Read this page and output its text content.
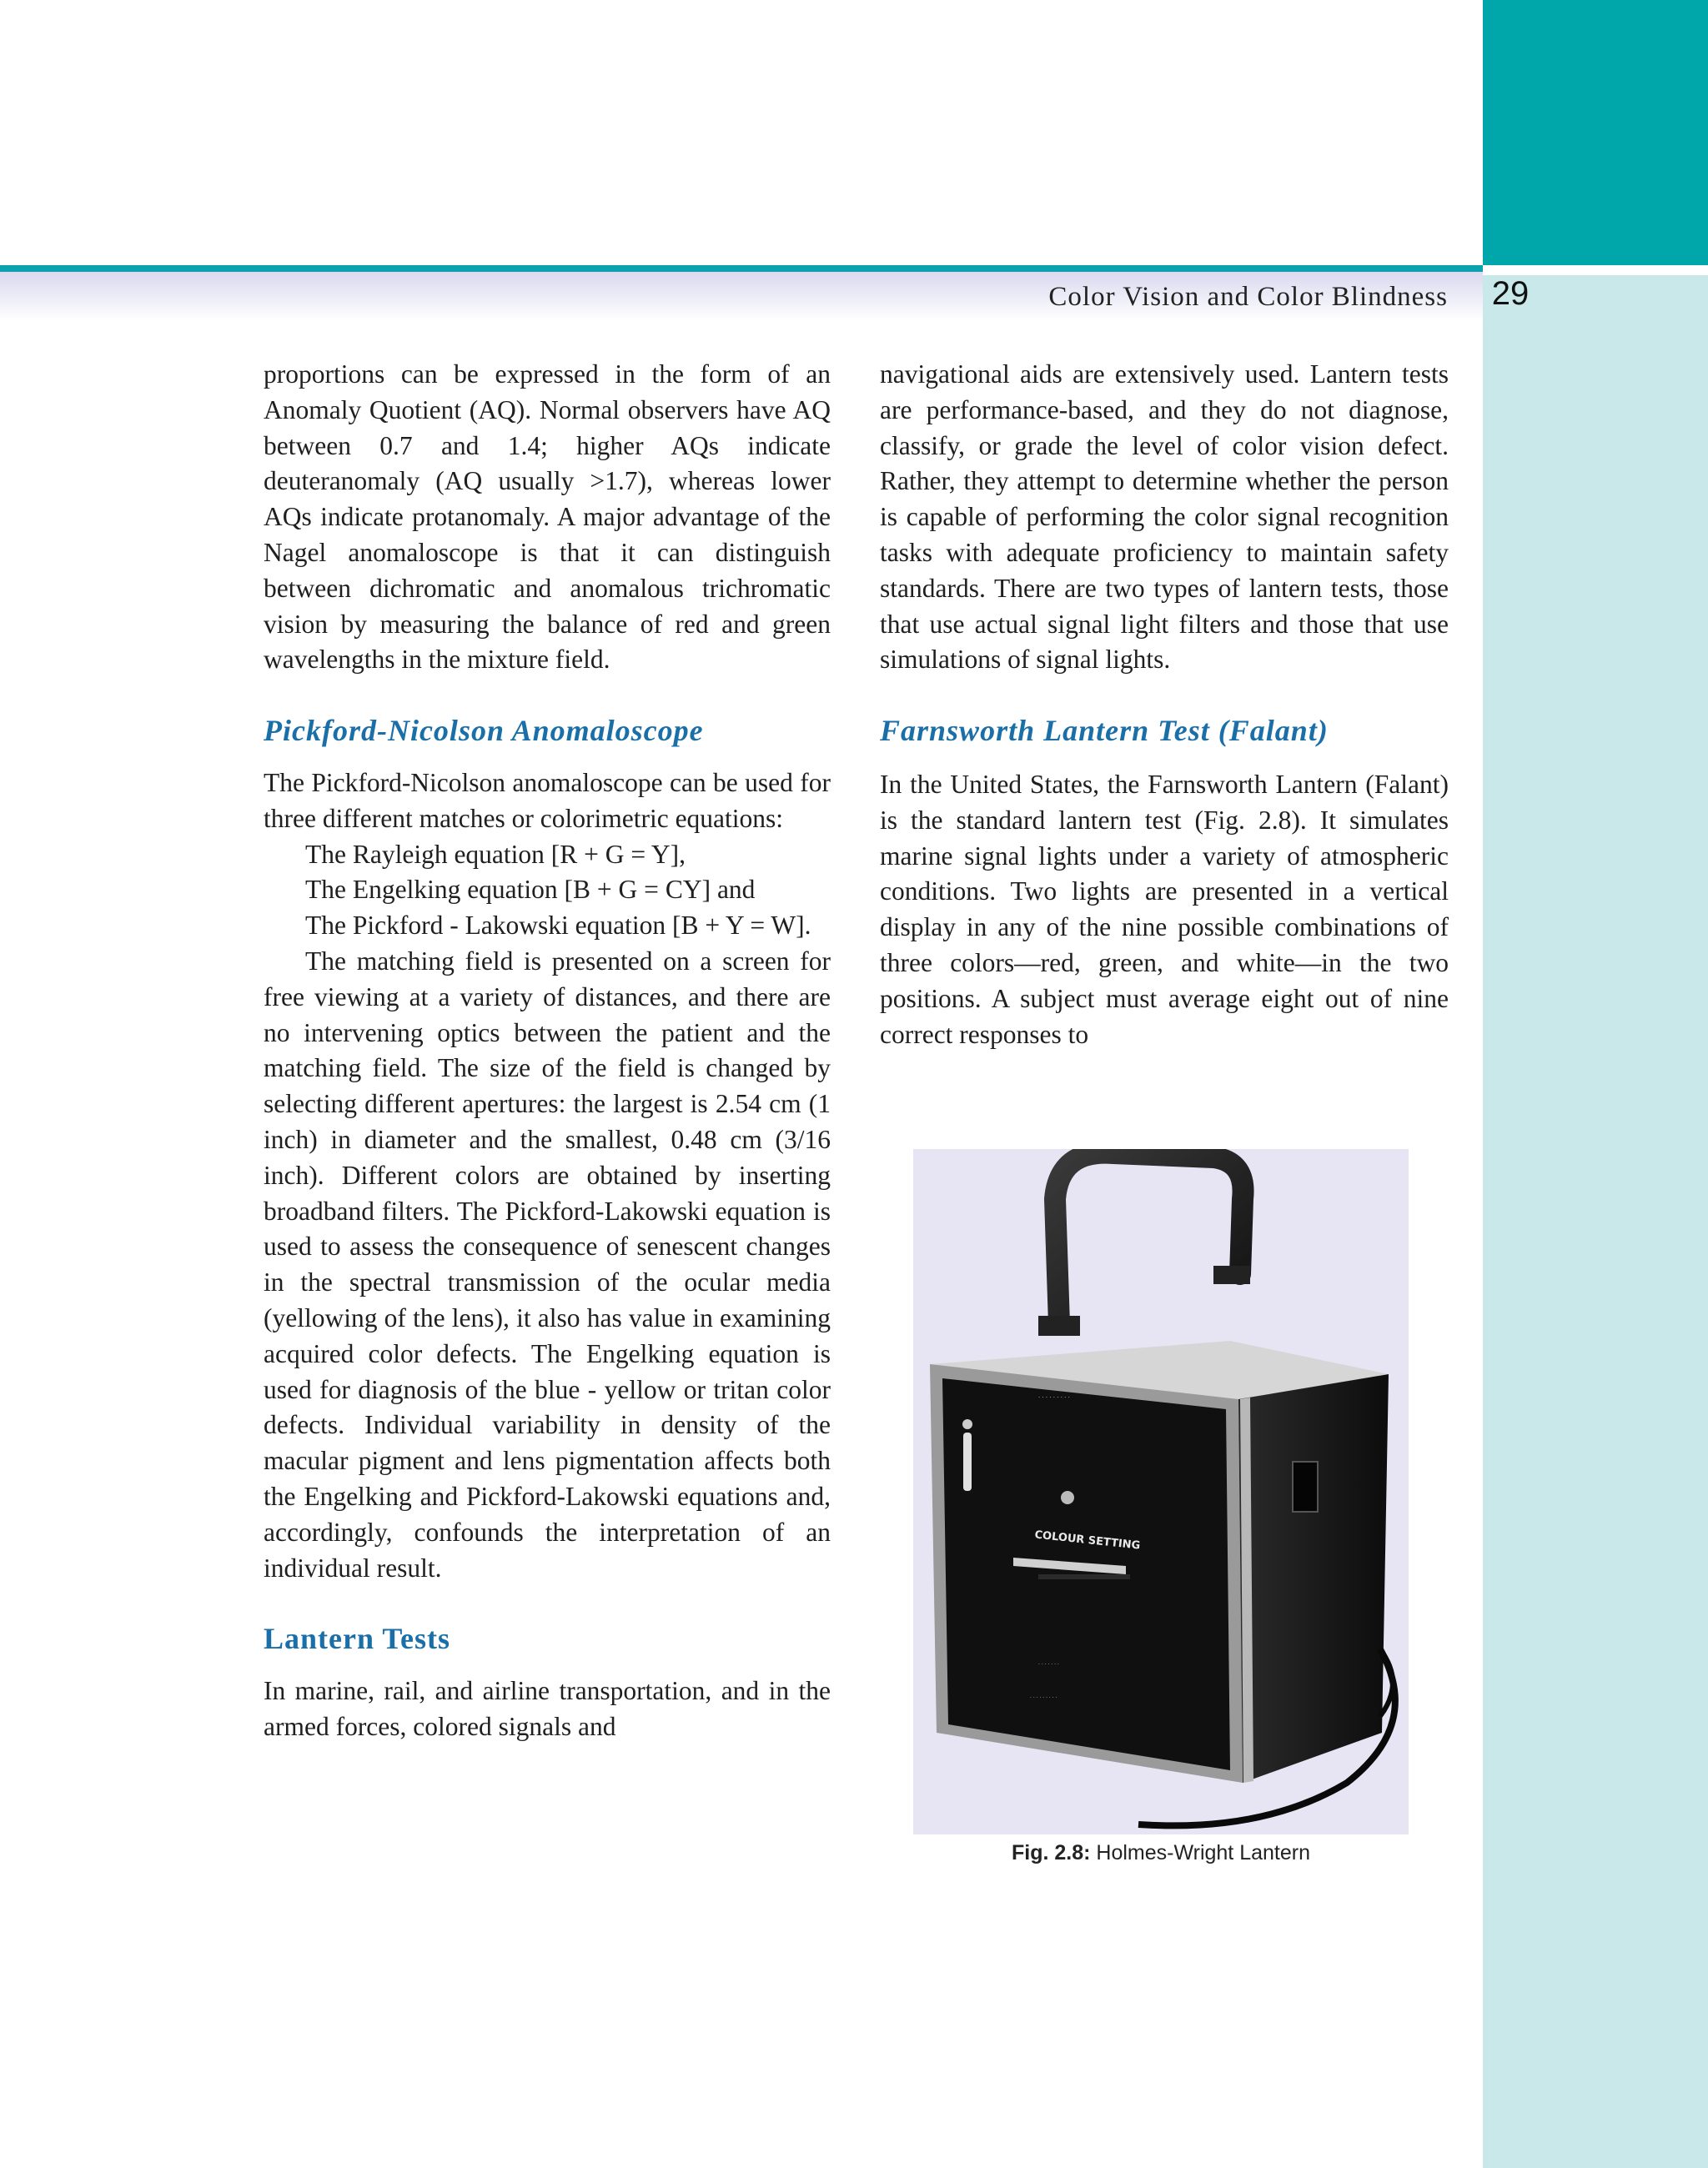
Color Vision and Color Blindness 29

proportions can be expressed in the form of an Anomaly Quotient (AQ). Normal observers have AQ between 0.7 and 1.4; higher AQs indicate deuteranomaly (AQ usually >1.7), whereas lower AQs indicate protanomaly. A major advantage of the Nagel anomaloscope is that it can distinguish between dichromatic and anomalous trichromatic vision by measuring the balance of red and green wavelengths in the mixture field.

Pickford-Nicolson Anomaloscope

The Pickford-Nicolson anomaloscope can be used for three different matches or colorimetric equations:

The Rayleigh equation [R + G = Y],

The Engelking equation [B + G = CY] and

The Pickford - Lakowski equation [B + Y = W].

The matching field is presented on a screen for free viewing at a variety of distances, and there are no intervening optics between the patient and the matching field. The size of the field is changed by selecting different apertures: the largest is 2.54 cm (1 inch) in diameter and the smallest, 0.48 cm (3/16 inch). Different colors are obtained by inserting broadband filters. The Pickford-Lakowski equation is used to assess the consequence of senescent changes in the spectral transmission of the ocular media (yellowing of the lens), it also has value in examining acquired color defects. The Engelking equation is used for diagnosis of the blue - yellow or tritan color defects. Individual variability in density of the macular pigment and lens pigmentation affects both the Engelking and Pickford-Lakowski equations and, accordingly, confounds the interpretation of an individual result.

Lantern Tests

In marine, rail, and airline transportation, and in the armed forces, colored signals and

navigational aids are extensively used. Lantern tests are performance-based, and they do not diagnose, classify, or grade the level of color vision defect. Rather, they attempt to determine whether the person is capable of performing the color signal recognition tasks with adequate proficiency to maintain safety standards. There are two types of lantern tests, those that use actual signal light filters and those that use simulations of signal lights.

Farnsworth Lantern Test (Falant)

In the United States, the Farnsworth Lantern (Falant) is the standard lantern test (Fig. 2.8). It simulates marine signal lights under a variety of atmospheric conditions. Two lights are presented in a vertical display in any of the nine possible combinations of three colors—red, green, and white—in the two positions. A subject must average eight out of nine correct responses to

· · · · · · · · ·
COLOUR SETTING
· · · · · · ·
· · · · · · · · ·
Fig. 2.8: Holmes-Wright Lantern
